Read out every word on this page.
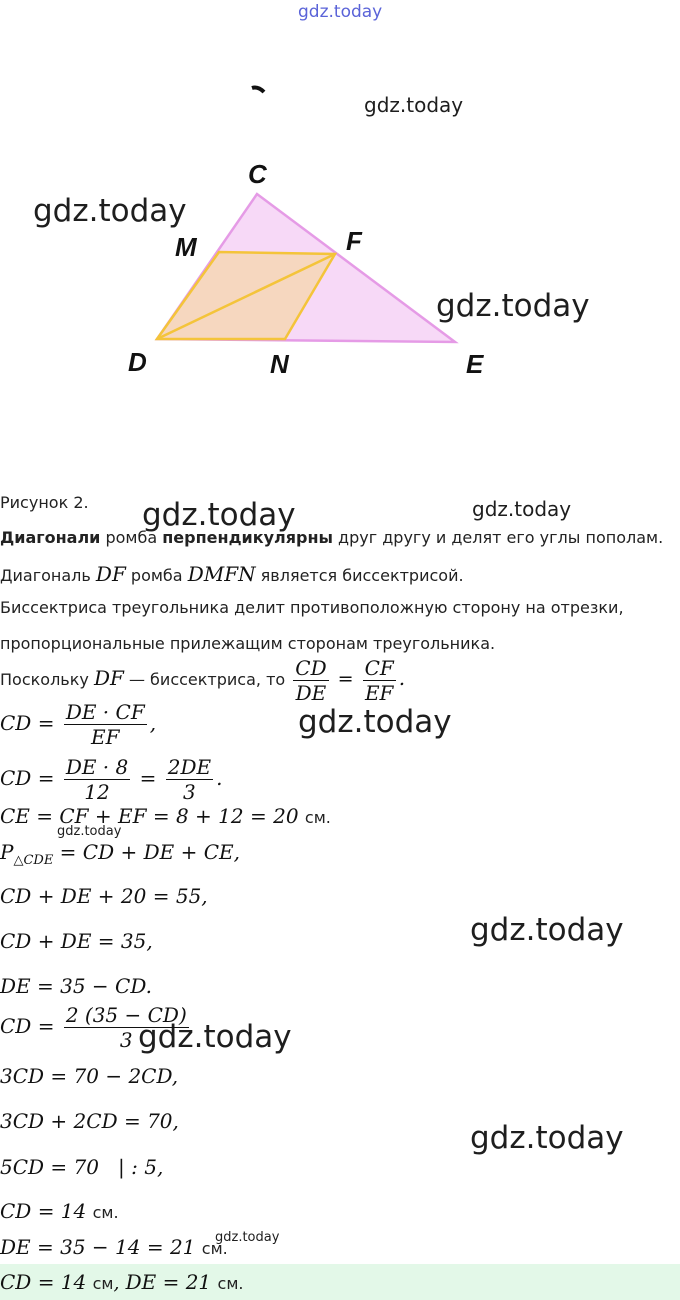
gdz.today
gdz.today
gdz.today
gdz.today
gdz.today	gdz.today
gdz.today
gdz.today
gdz.today
gdz.today
gdz.today
gdz.today
C
M	F
D	N	E
Рисунок 2.
Диагонали ромба перпендикулярны друг другу и делят его углы пополам.
Диагональ DF ромба DMFN является биссектрисой.
Биссектриса треугольника делит противоположную сторону на отрезки,
пропорциональные прилежащим сторонам треугольника.
Поскольку DF — биссектриса, то $\frac{CD}{DE} = \frac{CF}{EF}$ .
CD = $\frac{DE \cdot CF}{EF}$ ,
CD = $\frac{DE \cdot 8}{12} = \frac{2DE}{3}$ .
CE = CF + EF = 8 + 12 = 20 см.
$P_{\triangle CDE}$ = CD + DE + CE,
CD + DE + 20 = 55,
CD + DE = 35,
DE = 35 − CD.
CD = $\frac{2 (35 - CD)}{3}$
3CD = 70 − 2CD,
3CD + 2CD = 70,
5CD = 70   | : 5,
CD = 14 см.
DE = 35 − 14 = 21 см.
CD = 14 см, DE = 21 см.
